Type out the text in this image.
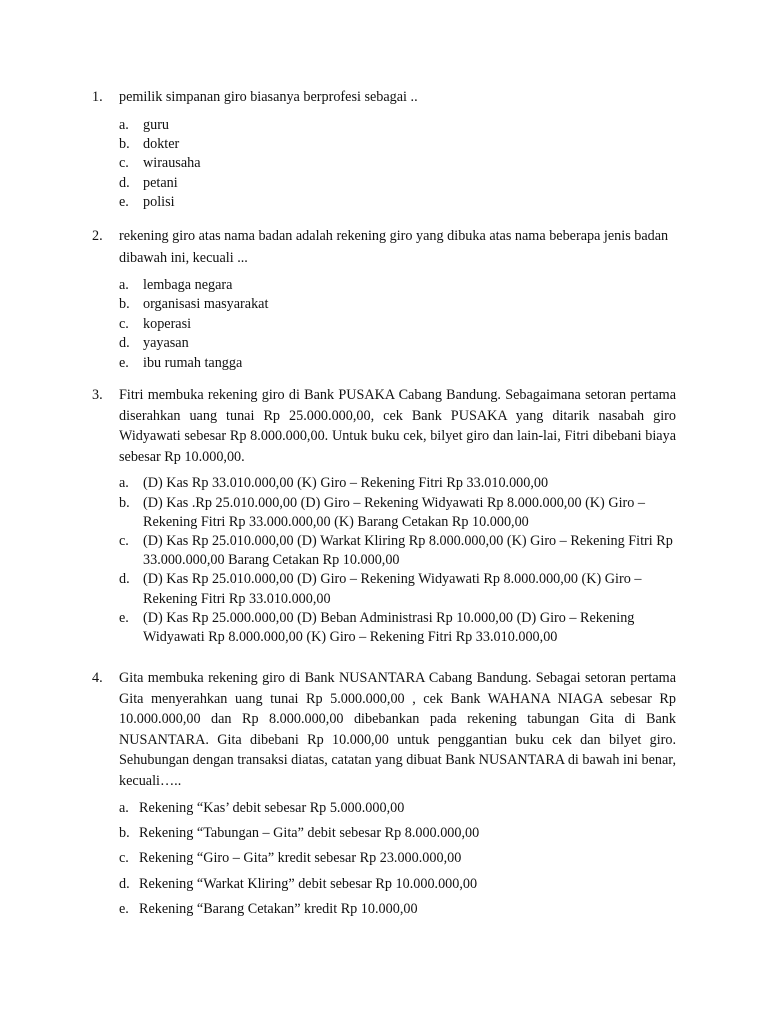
1.	pemilik simpanan giro biasanya berprofesi sebagai ..
a. guru
b. dokter
c. wirausaha
d. petani
e. polisi
2.	rekening giro atas nama badan adalah rekening giro yang dibuka atas nama beberapa jenis badan dibawah ini, kecuali ...
a. lembaga negara
b. organisasi masyarakat
c. koperasi
d. yayasan
e. ibu rumah tangga
3.	Fitri membuka rekening giro di Bank PUSAKA Cabang Bandung. Sebagaimana setoran pertama diserahkan uang tunai Rp 25.000.000,00, cek Bank PUSAKA yang ditarik nasabah giro Widyawati sebesar Rp 8.000.000,00. Untuk buku cek, bilyet giro dan lain-lai, Fitri dibebani biaya sebesar Rp 10.000,00.
a. (D) Kas Rp 33.010.000,00 (K) Giro – Rekening Fitri Rp 33.010.000,00
b. (D) Kas .Rp 25.010.000,00 (D) Giro – Rekening Widyawati Rp 8.000.000,00 (K) Giro – Rekening Fitri Rp 33.000.000,00 (K) Barang Cetakan Rp 10.000,00
c. (D) Kas Rp 25.010.000,00 (D) Warkat Kliring Rp 8.000.000,00 (K) Giro – Rekening Fitri Rp 33.000.000,00 Barang Cetakan Rp 10.000,00
d. (D) Kas Rp 25.010.000,00 (D) Giro – Rekening Widyawati Rp 8.000.000,00 (K) Giro – Rekening Fitri Rp 33.010.000,00
e. (D) Kas Rp 25.000.000,00 (D) Beban Administrasi Rp 10.000,00 (D) Giro – Rekening Widyawati Rp 8.000.000,00 (K) Giro – Rekening Fitri Rp 33.010.000,00
4.	Gita membuka rekening giro di Bank NUSANTARA Cabang Bandung. Sebagai setoran pertama Gita menyerahkan uang tunai Rp 5.000.000,00 , cek Bank WAHANA NIAGA sebesar Rp 10.000.000,00 dan Rp 8.000.000,00 dibebankan pada rekening tabungan Gita di Bank NUSANTARA. Gita dibebani Rp 10.000,00 untuk penggantian buku cek dan bilyet giro. Sehubungan dengan transaksi diatas, catatan yang dibuat Bank NUSANTARA di bawah ini benar, kecuali…..
a. Rekening “Kas’ debit sebesar Rp 5.000.000,00
b. Rekening “Tabungan – Gita” debit sebesar Rp 8.000.000,00
c. Rekening “Giro – Gita” kredit sebesar Rp 23.000.000,00
d. Rekening “Warkat Kliring” debit sebesar Rp 10.000.000,00
e. Rekening “Barang Cetakan” kredit Rp 10.000,00
